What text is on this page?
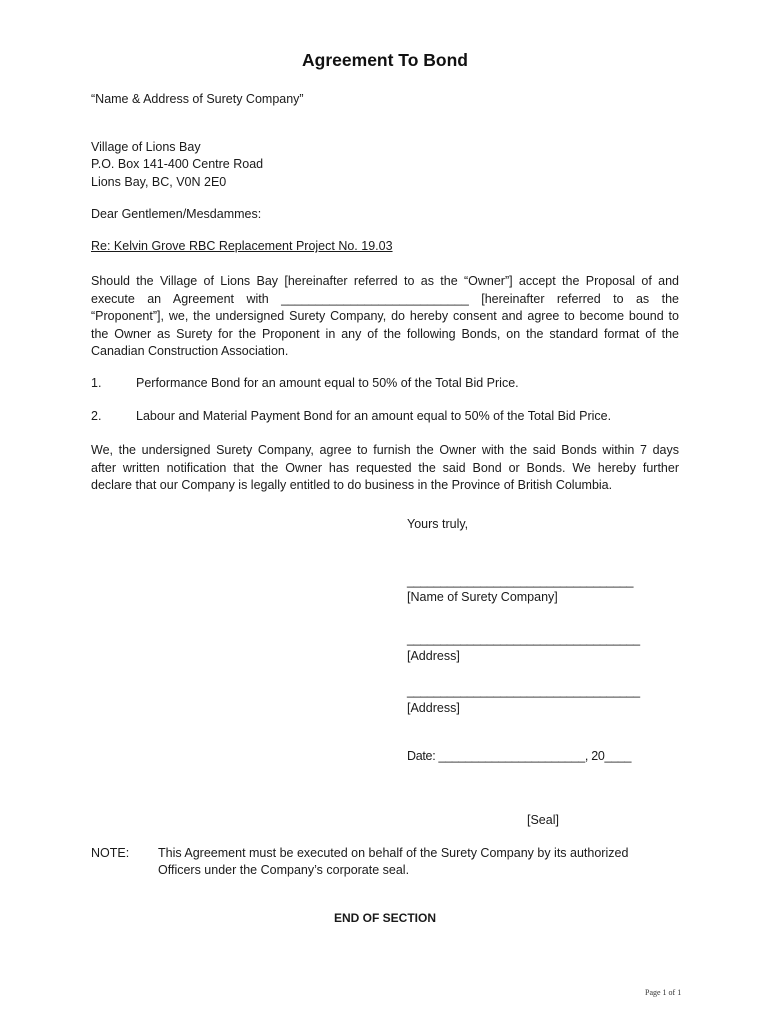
Agreement To Bond
“Name & Address of Surety Company”
Village of Lions Bay
P.O. Box 141-400 Centre Road
Lions Bay, BC, V0N 2E0
Dear Gentlemen/Mesdammes:
Re: Kelvin Grove RBC Replacement Project No. 19.03
Should the Village of Lions Bay [hereinafter referred to as the “Owner”] accept the Proposal of and
execute an Agreement with ___________________________ [hereinafter referred to as the
“Proponent”], we, the undersigned Surety Company, do hereby consent and agree to become bound to
the Owner as Surety for the Proponent in any of the following Bonds, on the standard format of the
Canadian Construction Association.
1.	Performance Bond for an amount equal to 50% of the Total Bid Price.
2.	Labour and Material Payment Bond for an amount equal to 50% of the Total Bid Price.
We, the undersigned Surety Company, agree to furnish the Owner with the said Bonds within 7 days
after written notification that the Owner has requested the said Bond or Bonds. We hereby further
declare that our Company is legally entitled to do business in the Province of British Columbia.
Yours truly,
__________________________________
[Name of Surety Company]
___________________________________
[Address]
___________________________________
[Address]
Date: ______________________, 20____
[Seal]
NOTE: This Agreement must be executed on behalf of the Surety Company by its authorized
Officers under the Company’s corporate seal.
END OF SECTION
Page 1 of 1
